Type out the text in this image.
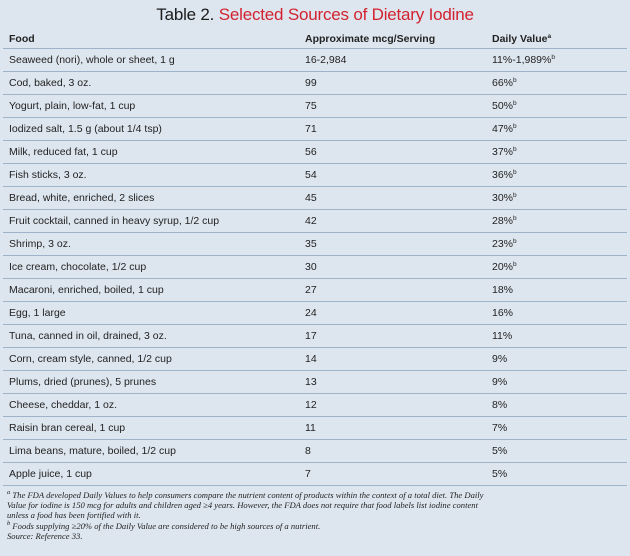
Table 2. Selected Sources of Dietary Iodine
Food	Approximate mcg/Serving	Daily Value$^a$
Seaweed (nori), whole or sheet, 1 g	16-2,984	11%-1,989%$^b$
Cod, baked, 3 oz.	99	66%$^b$
Yogurt, plain, low-fat, 1 cup	75	50%$^b$
Iodized salt, 1.5 g (about 1/4 tsp)	71	47%$^b$
Milk, reduced fat, 1 cup	56	37%$^b$
Fish sticks, 3 oz.	54	36%$^b$
Bread, white, enriched, 2 slices	45	30%$^b$
Fruit cocktail, canned in heavy syrup, 1/2 cup	42	28%$^b$
Shrimp, 3 oz.	35	23%$^b$
Ice cream, chocolate, 1/2 cup	30	20%$^b$
Macaroni, enriched, boiled, 1 cup	27	18%
Egg, 1 large	24	16%
Tuna, canned in oil, drained, 3 oz.	17	11%
Corn, cream style, canned, 1/2 cup	14	9%
Plums, dried (prunes), 5 prunes	13	9%
Cheese, cheddar, 1 oz.	12	8%
Raisin bran cereal, 1 cup	11	7%
Lima beans, mature, boiled, 1/2 cup	8	5%
Apple juice, 1 cup	7	5%
$^a$ The FDA developed Daily Values to help consumers compare the nutrient content of products within the context of a total diet. The Daily
Value for iodine is 150 mcg for adults and children aged ≥4 years. However, the FDA does not require that food labels list iodine content
unless a food has been fortified with it.
$^b$ Foods supplying ≥20% of the Daily Value are considered to be high sources of a nutrient.
Source: Reference 33.
